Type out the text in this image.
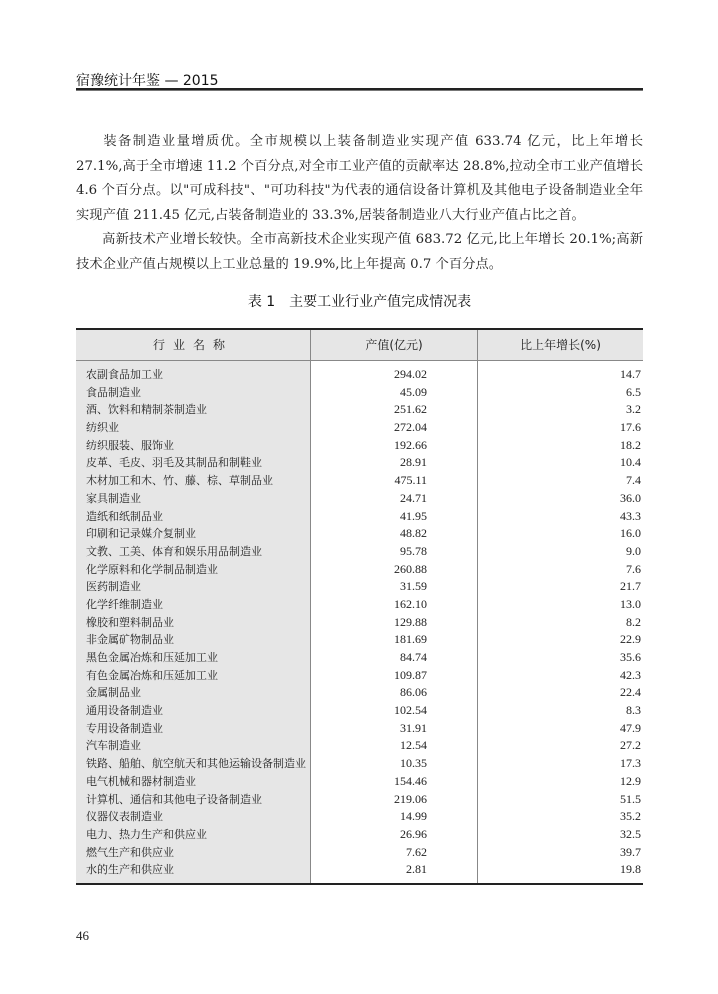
宿豫统计年鉴 — 2015
装备制造业量增质优。全市规模以上装备制造业实现产值 633.74 亿元，比上年增长 27.1%,高于全市增速 11.2 个百分点,对全市工业产值的贡献率达 28.8%,拉动全市工业产值增长 4.6 个百分点。以"可成科技"、"可功科技"为代表的通信设备计算机及其他电子设备制造业全年实现产值 211.45 亿元,占装备制造业的 33.3%,居装备制造业八大行业产值占比之首。
高新技术产业增长较快。全市高新技术企业实现产值 683.72 亿元,比上年增长 20.1%;高新技术企业产值占规模以上工业总量的 19.9%,比上年提高 0.7 个百分点。
表 1　主要工业行业产值完成情况表
行业名称	产值(亿元)	比上年增长(%)
农副食品加工业
食品制造业
酒、饮料和精制茶制造业
纺织业
纺织服装、服饰业
皮革、毛皮、羽毛及其制品和制鞋业
木材加工和木、竹、藤、棕、草制品业
家具制造业
造纸和纸制品业
印刷和记录媒介复制业
文教、工美、体育和娱乐用品制造业
化学原料和化学制品制造业
医药制造业
化学纤维制造业
橡胶和塑料制品业
非金属矿物制品业
黑色金属冶炼和压延加工业
有色金属冶炼和压延加工业
金属制品业
通用设备制造业
专用设备制造业
汽车制造业
铁路、船舶、航空航天和其他运输设备制造业
电气机械和器材制造业
计算机、通信和其他电子设备制造业
仪器仪表制造业
电力、热力生产和供应业
燃气生产和供应业
水的生产和供应业
294.02
45.09
251.62
272.04
192.66
28.91
475.11
24.71
41.95
48.82
95.78
260.88
31.59
162.10
129.88
181.69
84.74
109.87
86.06
102.54
31.91
12.54
10.35
154.46
219.06
14.99
26.96
7.62
2.81
14.7
6.5
3.2
17.6
18.2
10.4
7.4
36.0
43.3
16.0
9.0
7.6
21.7
13.0
8.2
22.9
35.6
42.3
22.4
8.3
47.9
27.2
17.3
12.9
51.5
35.2
32.5
39.7
19.8
46
